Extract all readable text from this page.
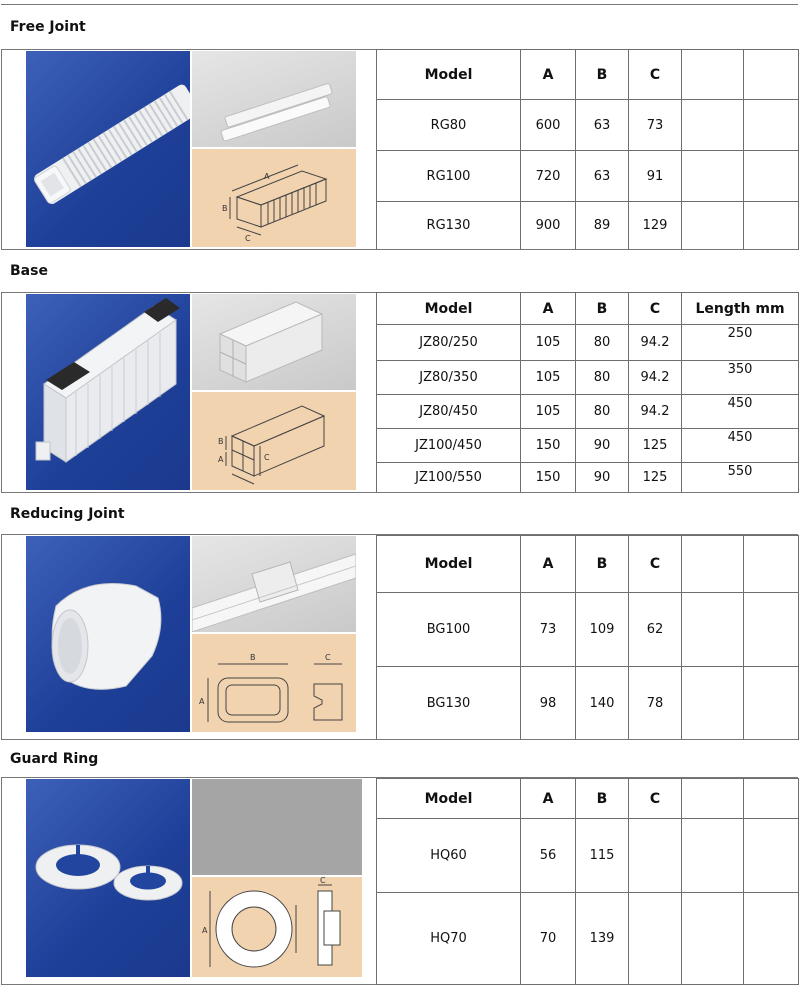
Free Joint
A
B
C
Model	A	B	C		
RG80	600	63	73		
RG100	720	63	91		
RG130	900	89	129		
Base
B
A	C
Model	A	B	C	Length mm
JZ80/250	105	80	94.2	250
JZ80/350	105	80	94.2	350
JZ80/450	105	80	94.2	450
JZ100/450	150	90	125	450
JZ100/550	150	90	125	550
Reducing Joint
B
A
C
Model	A	B	C		
BG100	73	109	62		
BG130	98	140	78		
Guard Ring
A
C
Model	A	B	C		
HQ60	56	115			
HQ70	70	139			
